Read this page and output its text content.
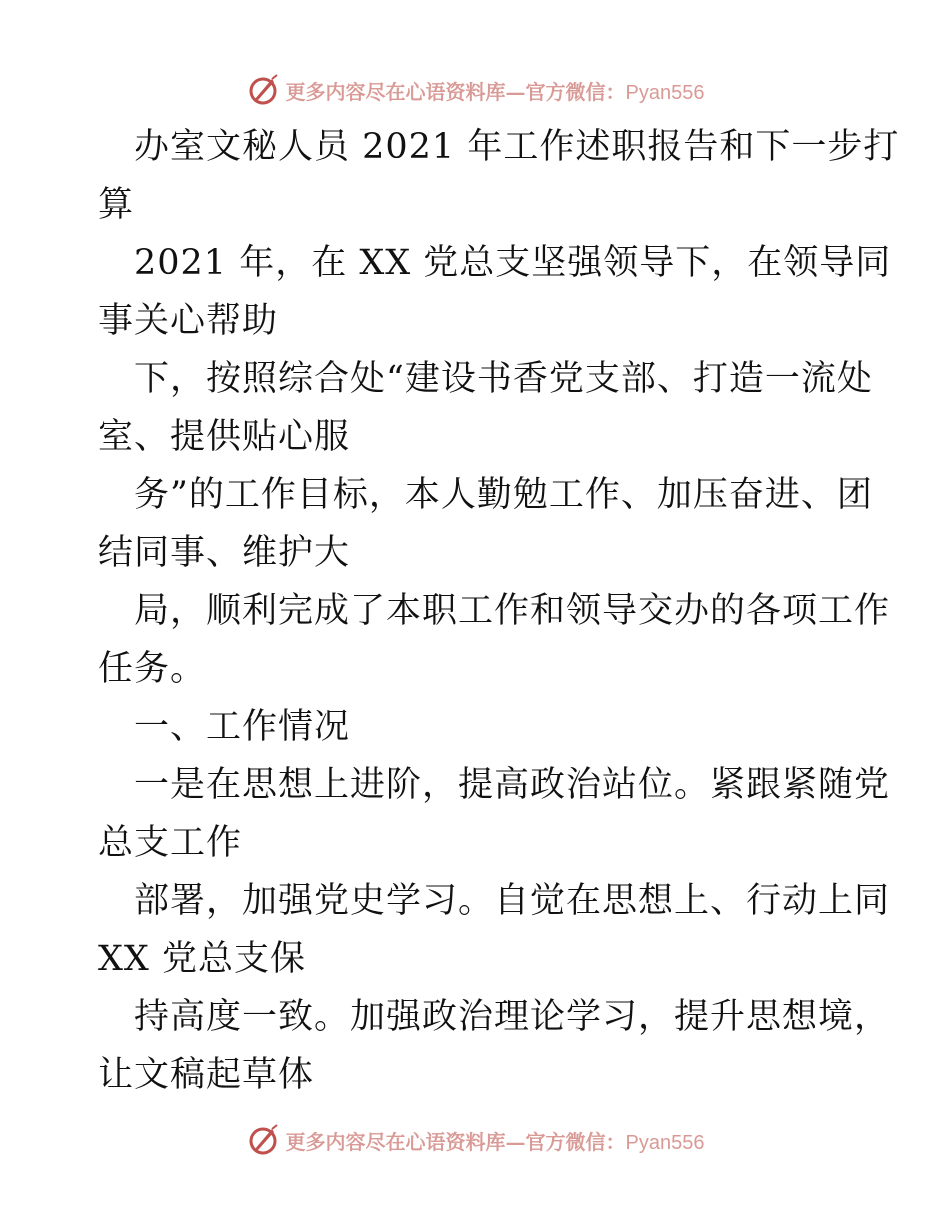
更多内容尽在心语资料库—官方微信：Pyan556
办室文秘人员 2021 年工作述职报告和下一步打
算
2021 年，在 XX 党总支坚强领导下，在领导同
事关心帮助
下，按照综合处“建设书香党支部、打造一流处
室、提供贴心服
务”的工作目标，本人勤勉工作、加压奋进、团
结同事、维护大
局，顺利完成了本职工作和领导交办的各项工作
任务。
一、工作情况
一是在思想上进阶，提高政治站位。紧跟紧随党
总支工作
部署，加强党史学习。自觉在思想上、行动上同
XX 党总支保
持高度一致。加强政治理论学习，提升思想境，
让文稿起草体
更多内容尽在心语资料库—官方微信：Pyan556
